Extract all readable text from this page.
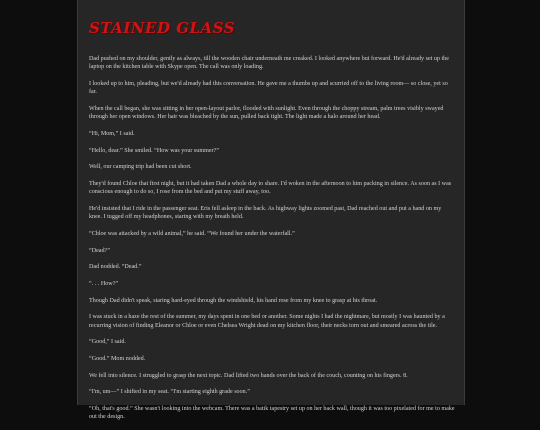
STAINED GLASS

Dad pushed on my shoulder, gently as always, till the wooden chair underneath me creaked. I looked anywhere but forward. He'd already set up the laptop on the kitchen table with Skype open. The call was only loading.

I looked up to him, pleading, but we'd already had this conversation. He gave me a thumbs up and scurried off to the living room— so close, yet so far.

When the call began, she was sitting in her open-layout parlor, flooded with sunlight. Even through the choppy stream, palm trees visibly swayed through her open windows. Her hair was bleached by the sun, pulled back tight. The light made a halo around her head.

“Hi, Mom,” I said.

“Hello, dear.” She smiled. “How was your summer?”

Well, our camping trip had been cut short.

They'd found Chloe that first night, but it had taken Dad a whole day to share. I'd woken in the afternoon to him packing in silence. As soon as I was conscious enough to do so, I rose from the bed and put my stuff away, too.

He'd insisted that I ride in the passenger seat. Eris fell asleep in the back. As highway lights zoomed past, Dad reached out and put a hand on my knee. I tugged off my headphones, staring with my breath held.

“Chloe was attacked by a wild animal,” he said. “We found her under the waterfall.”

“Dead?”

Dad nodded. “Dead.”

“. . . How?”

Though Dad didn't speak, staring hard-eyed through the windshield, his hand rose from my knee to grasp at his throat.

I was stuck in a haze the rest of the summer, my days spent in one bed or another. Some nights I had the nightmare, but mostly I was haunted by a recurring vision of finding Eleanor or Chloe or even Chelsea Wright dead on my kitchen floor, their necks torn out and smeared across the tile.

“Good,” I said.

“Good.” Mom nodded.

We fell into silence. I struggled to grasp the next topic. Dad lifted two hands over the back of the couch, counting on his fingers. 8.

“I'm, um—” I shifted in my seat. “I'm starting eighth grade soon.”

“Oh, that's good.” She wasn't looking into the webcam. There was a batik tapestry set up on her back wall, though it was too pixelated for me to make out the design.
